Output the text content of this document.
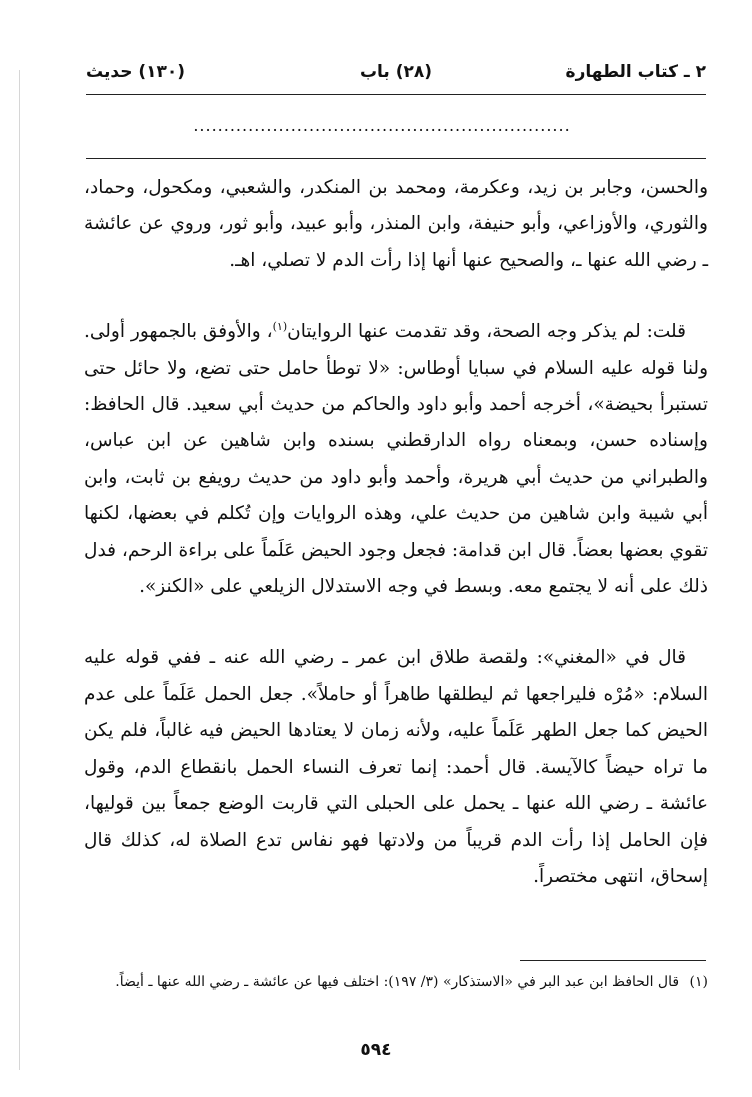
٢ ـ كتاب الطهارة
(٢٨) باب
(١٣٠) حديث
..............................................................

والحسن، وجابر بن زيد، وعكرمة، ومحمد بن المنكدر، والشعبي، ومكحول، وحماد، والثوري، والأوزاعي، وأبو حنيفة، وابن المنذر، وأبو عبيد، وأبو ثور، وروي عن عائشة ـ رضي الله عنها ـ، والصحيح عنها أنها إذا رأت الدم لا تصلي، اهـ.

قلت: لم يذكر وجه الصحة، وقد تقدمت عنها الروايتان$^{(١)}$، والأوفق بالجمهور أولى. ولنا قوله عليه السلام في سبايا أوطاس: «لا توطأ حامل حتى تضع، ولا حائل حتى تستبرأ بحيضة»، أخرجه أحمد وأبو داود والحاكم من حديث أبي سعيد. قال الحافظ: وإسناده حسن، وبمعناه رواه الدارقطني بسنده وابن شاهين عن ابن عباس، والطبراني من حديث أبي هريرة، وأحمد وأبو داود من حديث رويفع بن ثابت، وابن أبي شيبة وابن شاهين من حديث علي، وهذه الروايات وإن تُكلم في بعضها، لكنها تقوي بعضها بعضاً. قال ابن قدامة: فجعل وجود الحيض عَلَماً على براءة الرحم، فدل ذلك على أنه لا يجتمع معه. وبسط في وجه الاستدلال الزيلعي على «الكنز».

قال في «المغني»: ولقصة طلاق ابن عمر ـ رضي الله عنه ـ ففي قوله عليه السلام: «مُرْه فليراجعها ثم ليطلقها طاهراً أو حاملاً». جعل الحمل عَلَماً على عدم الحيض كما جعل الطهر عَلَماً عليه، ولأنه زمان لا يعتادها الحيض فيه غالباً، فلم يكن ما تراه حيضاً كالآيسة. قال أحمد: إنما تعرف النساء الحمل بانقطاع الدم، وقول عائشة ـ رضي الله عنها ـ يحمل على الحبلى التي قاربت الوضع جمعاً بين قوليها، فإن الحامل إذا رأت الدم قريباً من ولادتها فهو نفاس تدع الصلاة له، كذلك قال إسحاق، انتهى مختصراً.

(١) قال الحافظ ابن عبد البر في «الاستذكار» (٣/ ١٩٧): اختلف فيها عن عائشة ـ رضي الله عنها ـ أيضاً.
٥٩٤
